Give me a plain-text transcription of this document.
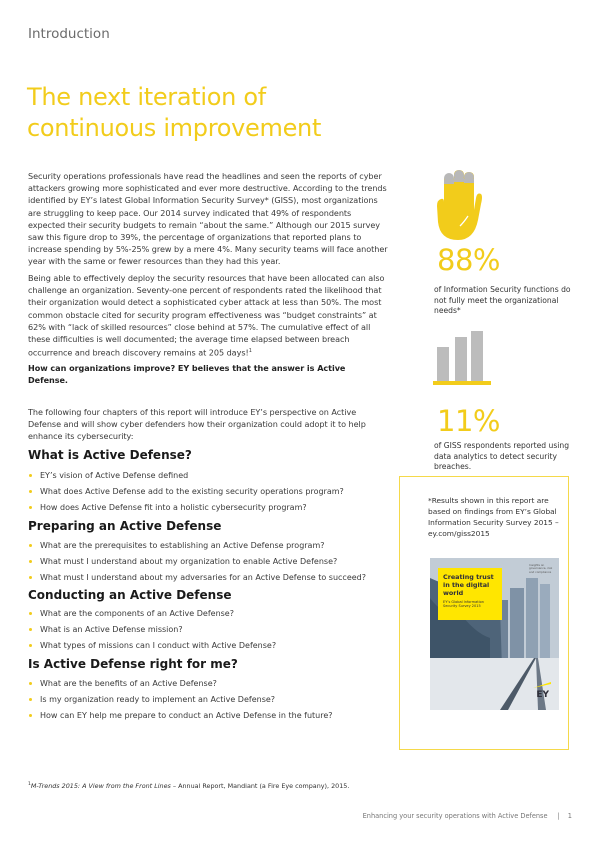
Introduction
The next iteration of
continuous improvement

Security operations professionals have read the headlines and seen the reports of cyber attackers growing more sophisticated and ever more destructive. According to the trends identified by EY’s latest Global Information Security Survey* (GISS), most organizations are struggling to keep pace. Our 2014 survey indicated that 49% of respondents expected their security budgets to remain “about the same.” Although our 2015 survey saw this figure drop to 39%, the percentage of organizations that reported plans to increase spending by 5%-25% grew by a mere 4%. Many security teams will face another year with the same or fewer resources than they had this year.

Being able to effectively deploy the security resources that have been allocated can also challenge an organization. Seventy-one percent of respondents rated the likelihood that their organization would detect a sophisticated cyber attack at less than 50%. The most common obstacle cited for security program effectiveness was “budget constraints” at 62% with “lack of skilled resources” close behind at 57%. The cumulative effect of all these difficulties is well documented; the average time elapsed between breach occurrence and breach discovery remains at 205 days!$^1$

How can organizations improve? EY believes that the answer is Active Defense.

The following four chapters of this report will introduce EY’s perspective on Active Defense and will show cyber defenders how their organization could adopt it to help enhance its cybersecurity:

What is Active Defense?
EY’s vision of Active Defense defined
What does Active Defense add to the existing security operations program?
How does Active Defense fit into a holistic cybersecurity program?
Preparing an Active Defense
What are the prerequisites to establishing an Active Defense program?
What must I understand about my organization to enable Active Defense?
What must I understand about my adversaries for an Active Defense to succeed?
Conducting an Active Defense
What are the components of an Active Defense?
What is an Active Defense mission?
What types of missions can I conduct with Active Defense?
Is Active Defense right for me?
What are the benefits of an Active Defense?
Is my organization ready to implement an Active Defense?
How can EY help me prepare to conduct an Active Defense in the future?
88%
of Information Security functions do not fully meet the organizational needs*
11%
of GISS respondents reported using data analytics to detect security breaches.
*Results shown in this report are based on findings from EY’s Global Information Security Survey 2015 – ey.com/giss2015
Creating trust in the digital world
EY’s Global Information Security Survey 2015
Insights on governance, risk and compliance
EY
$^1$M-Trends 2015: A View from the Front Lines – Annual Report, Mandiant (a Fire Eye company), 2015.
Enhancing your security operations with Active Defense | 1
